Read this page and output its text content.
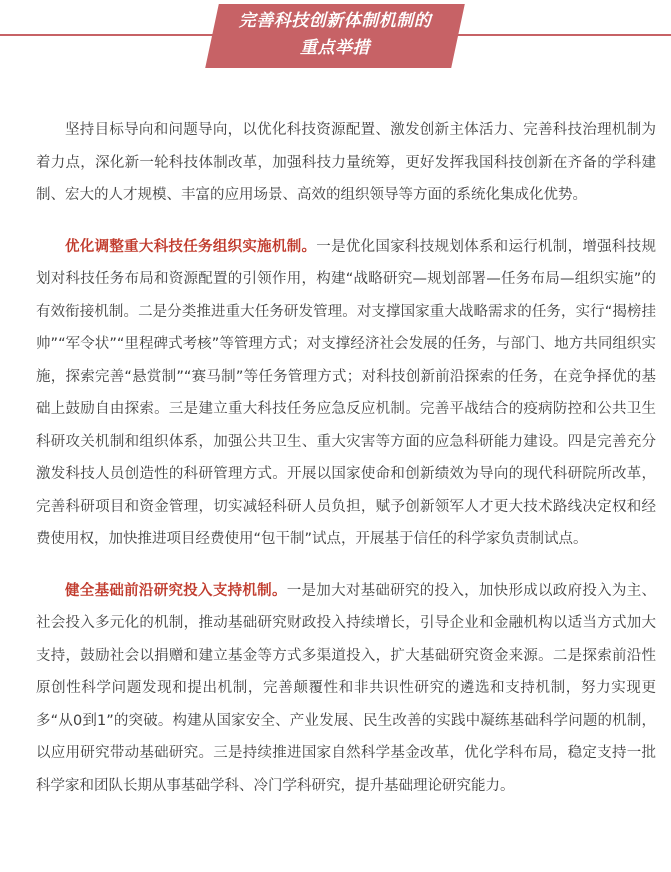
完善科技创新体制机制的
重点举措

坚持目标导向和问题导向，以优化科技资源配置、激发创新主体活力、完善科技治理机制为着力点，深化新一轮科技体制改革，加强科技力量统筹，更好发挥我国科技创新在齐备的学科建制、宏大的人才规模、丰富的应用场景、高效的组织领导等方面的系统化集成化优势。

优化调整重大科技任务组织实施机制。一是优化国家科技规划体系和运行机制，增强科技规划对科技任务布局和资源配置的引领作用，构建“战略研究—规划部署—任务布局—组织实施”的有效衔接机制。二是分类推进重大任务研发管理。对支撑国家重大战略需求的任务，实行“揭榜挂帅”“军令状”“里程碑式考核”等管理方式；对支撑经济社会发展的任务，与部门、地方共同组织实施，探索完善“悬赏制”“赛马制”等任务管理方式；对科技创新前沿探索的任务，在竞争择优的基础上鼓励自由探索。三是建立重大科技任务应急反应机制。完善平战结合的疫病防控和公共卫生科研攻关机制和组织体系，加强公共卫生、重大灾害等方面的应急科研能力建设。四是完善充分激发科技人员创造性的科研管理方式。开展以国家使命和创新绩效为导向的现代科研院所改革，完善科研项目和资金管理，切实减轻科研人员负担，赋予创新领军人才更大技术路线决定权和经费使用权，加快推进项目经费使用“包干制”试点，开展基于信任的科学家负责制试点。

健全基础前沿研究投入支持机制。一是加大对基础研究的投入，加快形成以政府投入为主、社会投入多元化的机制，推动基础研究财政投入持续增长，引导企业和金融机构以适当方式加大支持，鼓励社会以捐赠和建立基金等方式多渠道投入，扩大基础研究资金来源。二是探索前沿性原创性科学问题发现和提出机制，完善颠覆性和非共识性研究的遴选和支持机制，努力实现更多“从0到1”的突破。构建从国家安全、产业发展、民生改善的实践中凝练基础科学问题的机制，以应用研究带动基础研究。三是持续推进国家自然科学基金改革，优化学科布局，稳定支持一批科学家和团队长期从事基础学科、冷门学科研究，提升基础理论研究能力。
